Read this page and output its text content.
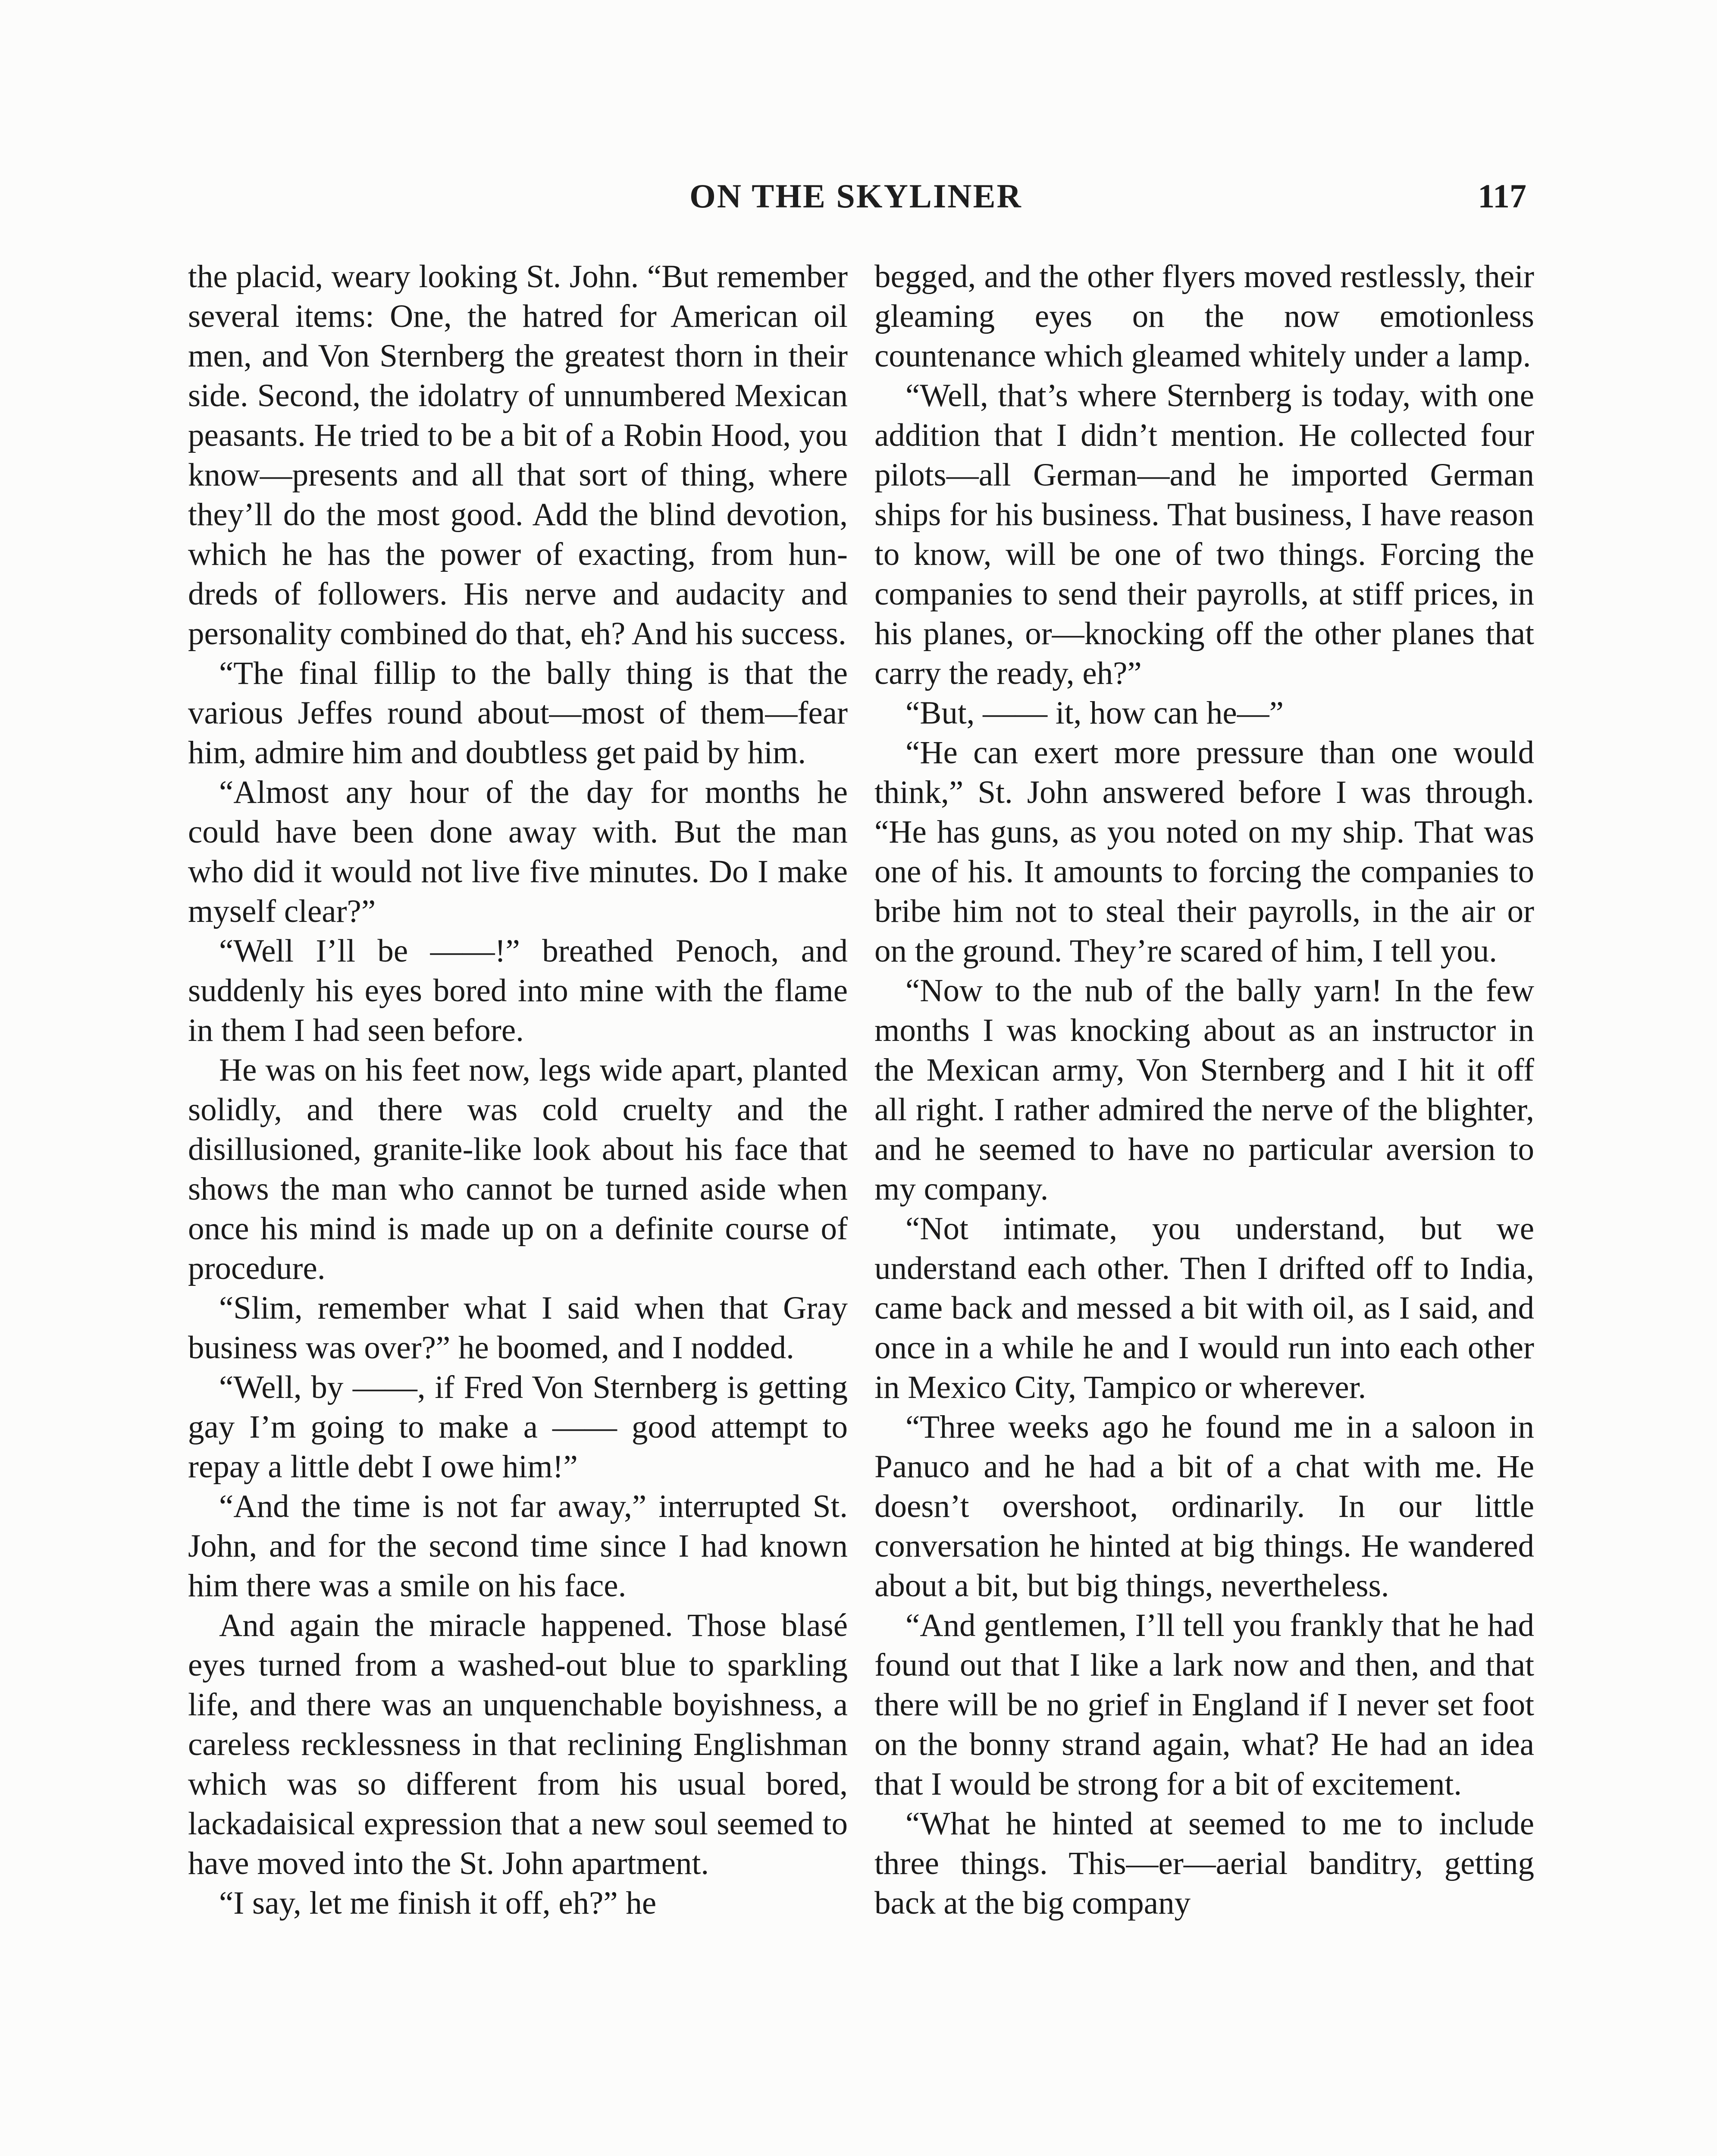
ON THE SKYLINER	117

the placid, weary looking St. John. “But remember several items: One, the hatred for American oil men, and Von Sternberg the greatest thorn in their side. Second, the idolatry of unnumbered Mexican peasants. He tried to be a bit of a Robin Hood, you know—presents and all that sort of thing, where they’ll do the most good. Add the blind devotion, which he has the power of exacting, from hundreds of followers. His nerve and audacity and personality combined do that, eh? And his success.

“The final fillip to the bally thing is that the various Jeffes round about—most of them—fear him, admire him and doubtless get paid by him.

“Almost any hour of the day for months he could have been done away with. But the man who did it would not live five minutes. Do I make myself clear?”

“Well I’ll be ——!” breathed Penoch, and suddenly his eyes bored into mine with the flame in them I had seen before.

He was on his feet now, legs wide apart, planted solidly, and there was cold cruelty and the disillusioned, granite-like look about his face that shows the man who cannot be turned aside when once his mind is made up on a definite course of procedure.

“Slim, remember what I said when that Gray business was over?” he boomed, and I nodded.

“Well, by ——, if Fred Von Sternberg is getting gay I’m going to make a —— good attempt to repay a little debt I owe him!”

“And the time is not far away,” interrupted St. John, and for the second time since I had known him there was a smile on his face.

And again the miracle happened. Those blasé eyes turned from a washed-out blue to sparkling life, and there was an unquenchable boyishness, a careless recklessness in that reclining Englishman which was so different from his usual bored, lackadaisical expression that a new soul seemed to have moved into the St. John apartment.

“I say, let me finish it off, eh?” he

begged, and the other flyers moved restlessly, their gleaming eyes on the now emotionless countenance which gleamed whitely under a lamp.

“Well, that’s where Sternberg is today, with one addition that I didn’t mention. He collected four pilots—all German—and he imported German ships for his business. That business, I have reason to know, will be one of two things. Forcing the companies to send their payrolls, at stiff prices, in his planes, or—knocking off the other planes that carry the ready, eh?”

“But, —— it, how can he—”

“He can exert more pressure than one would think,” St. John answered before I was through. “He has guns, as you noted on my ship. That was one of his. It amounts to forcing the companies to bribe him not to steal their payrolls, in the air or on the ground. They’re scared of him, I tell you.

“Now to the nub of the bally yarn! In the few months I was knocking about as an instructor in the Mexican army, Von Sternberg and I hit it off all right. I rather admired the nerve of the blighter, and he seemed to have no particular aversion to my company.

“Not intimate, you understand, but we understand each other. Then I drifted off to India, came back and messed a bit with oil, as I said, and once in a while he and I would run into each other in Mexico City, Tampico or wherever.

“Three weeks ago he found me in a saloon in Panuco and he had a bit of a chat with me. He doesn’t overshoot, ordinarily. In our little conversation he hinted at big things. He wandered about a bit, but big things, nevertheless.

“And gentlemen, I’ll tell you frankly that he had found out that I like a lark now and then, and that there will be no grief in England if I never set foot on the bonny strand again, what? He had an idea that I would be strong for a bit of excitement.

“What he hinted at seemed to me to include three things. This—er—aerial banditry, getting back at the big company
